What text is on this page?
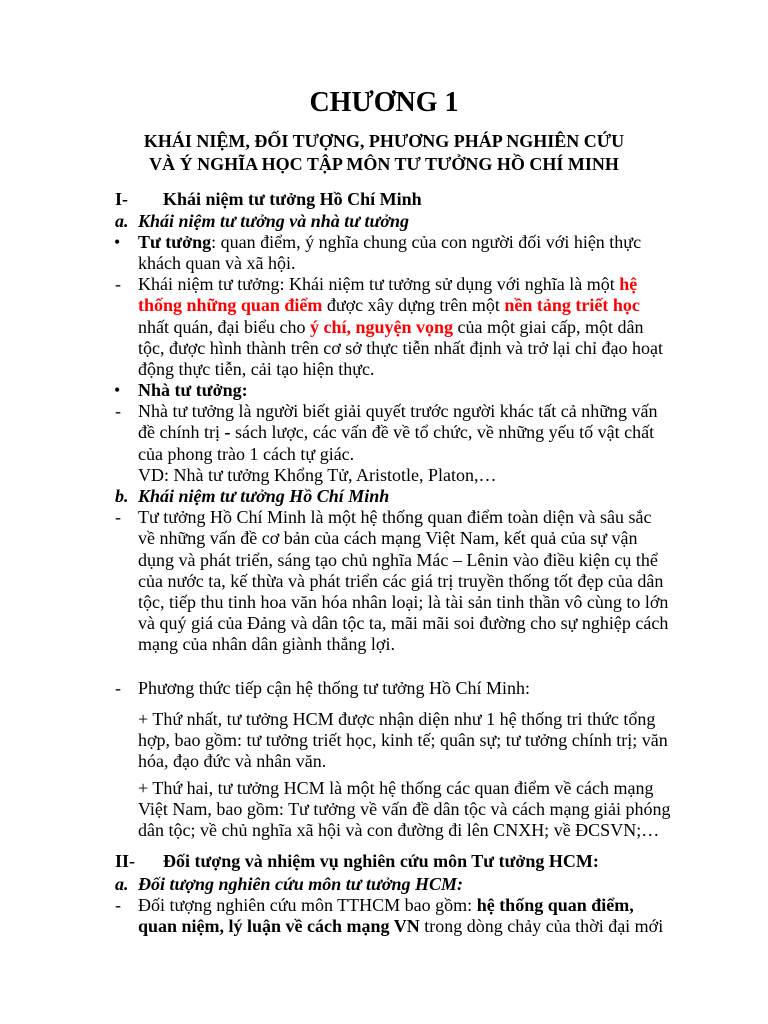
CHƯƠNG 1
KHÁI NIỆM, ĐỐI TƯỢNG, PHƯƠNG PHÁP NGHIÊN CỨU
VÀ Ý NGHĨA HỌC TẬP MÔN TƯ TƯỞNG HỒ CHÍ MINH
I- Khái niệm tư tưởng Hồ Chí Minh
a. Khái niệm tư tưởng và nhà tư tưởng
• Tư tưởng: quan điểm, ý nghĩa chung của con người đối với hiện thực
khách quan và xã hội.
- Khái niệm tư tưởng: Khái niệm tư tưởng sử dụng với nghĩa là một hệ
thống những quan điểm được xây dựng trên một nền tảng triết học
nhất quán, đại biểu cho ý chí, nguyện vọng của một giai cấp, một dân
tộc, được hình thành trên cơ sở thực tiễn nhất định và trở lại chỉ đạo hoạt
động thực tiễn, cải tạo hiện thực.
• Nhà tư tưởng:
- Nhà tư tưởng là người biết giải quyết trước người khác tất cả những vấn
đề chính trị - sách lược, các vấn đề về tổ chức, về những yếu tố vật chất
của phong trào 1 cách tự giác.
VD: Nhà tư tưởng Khổng Tử, Aristotle, Platon,…
b. Khái niệm tư tưởng Hồ Chí Minh
- Tư tưởng Hồ Chí Minh là một hệ thống quan điểm toàn diện và sâu sắc
về những vấn đề cơ bản của cách mạng Việt Nam, kết quả của sự vận
dụng và phát triển, sáng tạo chủ nghĩa Mác – Lênin vào điều kiện cụ thể
của nước ta, kế thừa và phát triển các giá trị truyền thống tốt đẹp của dân
tộc, tiếp thu tinh hoa văn hóa nhân loại; là tài sản tinh thần vô cùng to lớn
và quý giá của Đảng và dân tộc ta, mãi mãi soi đường cho sự nghiệp cách
mạng của nhân dân giành thắng lợi.
- Phương thức tiếp cận hệ thống tư tưởng Hồ Chí Minh:
+ Thứ nhất, tư tưởng HCM được nhận diện như 1 hệ thống tri thức tổng
hợp, bao gồm: tư tưởng triết học, kinh tế; quân sự; tư tưởng chính trị; văn
hóa, đạo đức và nhân văn.
+ Thứ hai, tư tưởng HCM là một hệ thống các quan điểm về cách mạng
Việt Nam, bao gồm: Tư tưởng về vấn đề dân tộc và cách mạng giải phóng
dân tộc; về chủ nghĩa xã hội và con đường đi lên CNXH; về ĐCSVN;…
II- Đối tượng và nhiệm vụ nghiên cứu môn Tư tưởng HCM:
a. Đối tượng nghiên cứu môn tư tưởng HCM:
- Đối tượng nghiên cứu môn TTHCM bao gồm: hệ thống quan điểm,
quan niệm, lý luận về cách mạng VN trong dòng chảy của thời đại mới
